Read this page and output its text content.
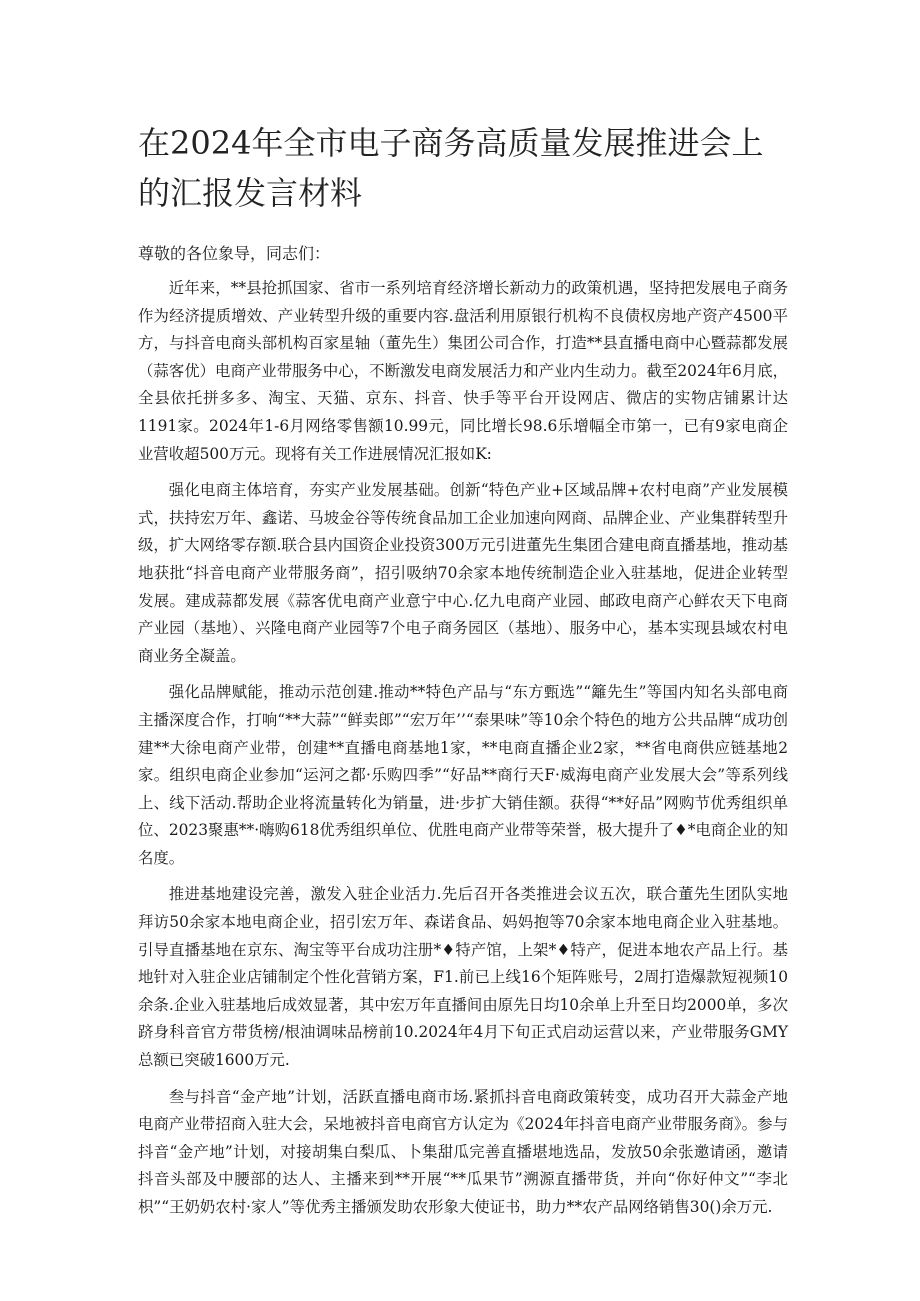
在2024年全市电子商务高质量发展推进会上的汇报发言材料

尊敬的各位象导，同志们：

近年来，**县抢抓国家、省市一系列培育经济增长新动力的政策机遇，坚持把发展电子商务作为经济提质增效、产业转型升级的重要内容.盘活利用原银行机构不良债权房地产资产4500平方，与抖音电商头部机构百家星轴（董先生）集团公司合作，打造**县直播电商中心暨蒜都发展（蒜客优）电商产业带服务中心，不断激发电商发展活力和产业内生动力。截至2024年6月底，全县依托拼多多、淘宝、天猫、京东、抖音、快手等平台开设网店、微店的实物店铺累计达1191家。2024年1-6月网络零售额10.99元，同比增长98.6乐增幅全市第一，已有9家电商企业营收超500万元。现将有关工作进展情况汇报如K:

强化电商主体培育，夯实产业发展基础。创新“特色产业+区域品牌+农村电商”产业发展模式，扶持宏万年、鑫诺、马坡金谷等传统食品加工企业加速向网商、品牌企业、产业集群转型升级，扩大网络零存额.联合县内国资企业投资300万元引进董先生集团合建电商直播基地，推动基地获批“抖音电商产业带服务商”，招引吸纳70余家本地传统制造企业入驻基地，促进企业转型发展。建成蒜都发展《蒜客优电商产业意宁中心.亿九电商产业园、邮政电商产心鲜农天下电商产业园（基地）、兴隆电商产业园等7个电子商务园区（基地）、服务中心，基本实现县域农村电商业务全凝盖。

强化品牌赋能，推动示范创建.推动**特色产品与“东方甄选”“籬先生”等国内知名头部电商主播深度合作，打响“**大蒜”“鲜卖郎”“宏万年’’“泰果味”等10余个特色的地方公共品牌“成功创建**大徐电商产业带，创建**直播电商基地1家，**电商直播企业2家，**省电商供应链基地2家。组织电商企业参加“运河之都·乐购四季”“好品**商行天F·威海电商产业发展大会”等系列线上、线下活动.帮助企业将流量转化为销量，进·步扩大销佳额。获得“**好品”网购节优秀组织单位、2023聚惠**·嗨购618优秀组织单位、优胜电商产业带等荣誉，极大提升了♦*电商企业的知名度。

推进基地建设完善，激发入驻企业活力.先后召开各类推进会议五次，联合董先生团队实地拜访50余家本地电商企业，招引宏万年、森诺食品、妈妈抱等70余家本地电商企业入驻基地。引导直播基地在京东、淘宝等平台成功注册*♦特产馆，上架*♦特产，促进本地农产品上行。基地针对入驻企业店铺制定个性化营销方案，F1.前已上线16个矩阵账号，2周打造爆款短视频10余条.企业入驻基地后成效显著，其中宏万年直播间由原先日均10余单上升至日均2000单，多次跻身科音官方带货榜/根油调味品榜前10.2024年4月下旬正式启动运营以来，产业带服务GMY总额已突破1600万元.

叁与抖音“金产地”计划，活跃直播电商市场.紧抓抖音电商政策转变，成功召开大蒜金产地电商产业带招商入驻大会，呆地被抖音电商官方认定为《2024年抖音电商产业带服务商》。参与抖音“金产地”计划，对接胡集白梨瓜、卜集甜瓜完善直播堪地选品，发放50余张邀请函，邀请抖音头部及中腰部的达人、主播来到**开展“**瓜果节”溯源直播带货，并向“你好仲文”“李北枳”“王奶奶农村·家人”等优秀主播颁发助农形象大使证书，助力**农产品网络销售30()余万元.
